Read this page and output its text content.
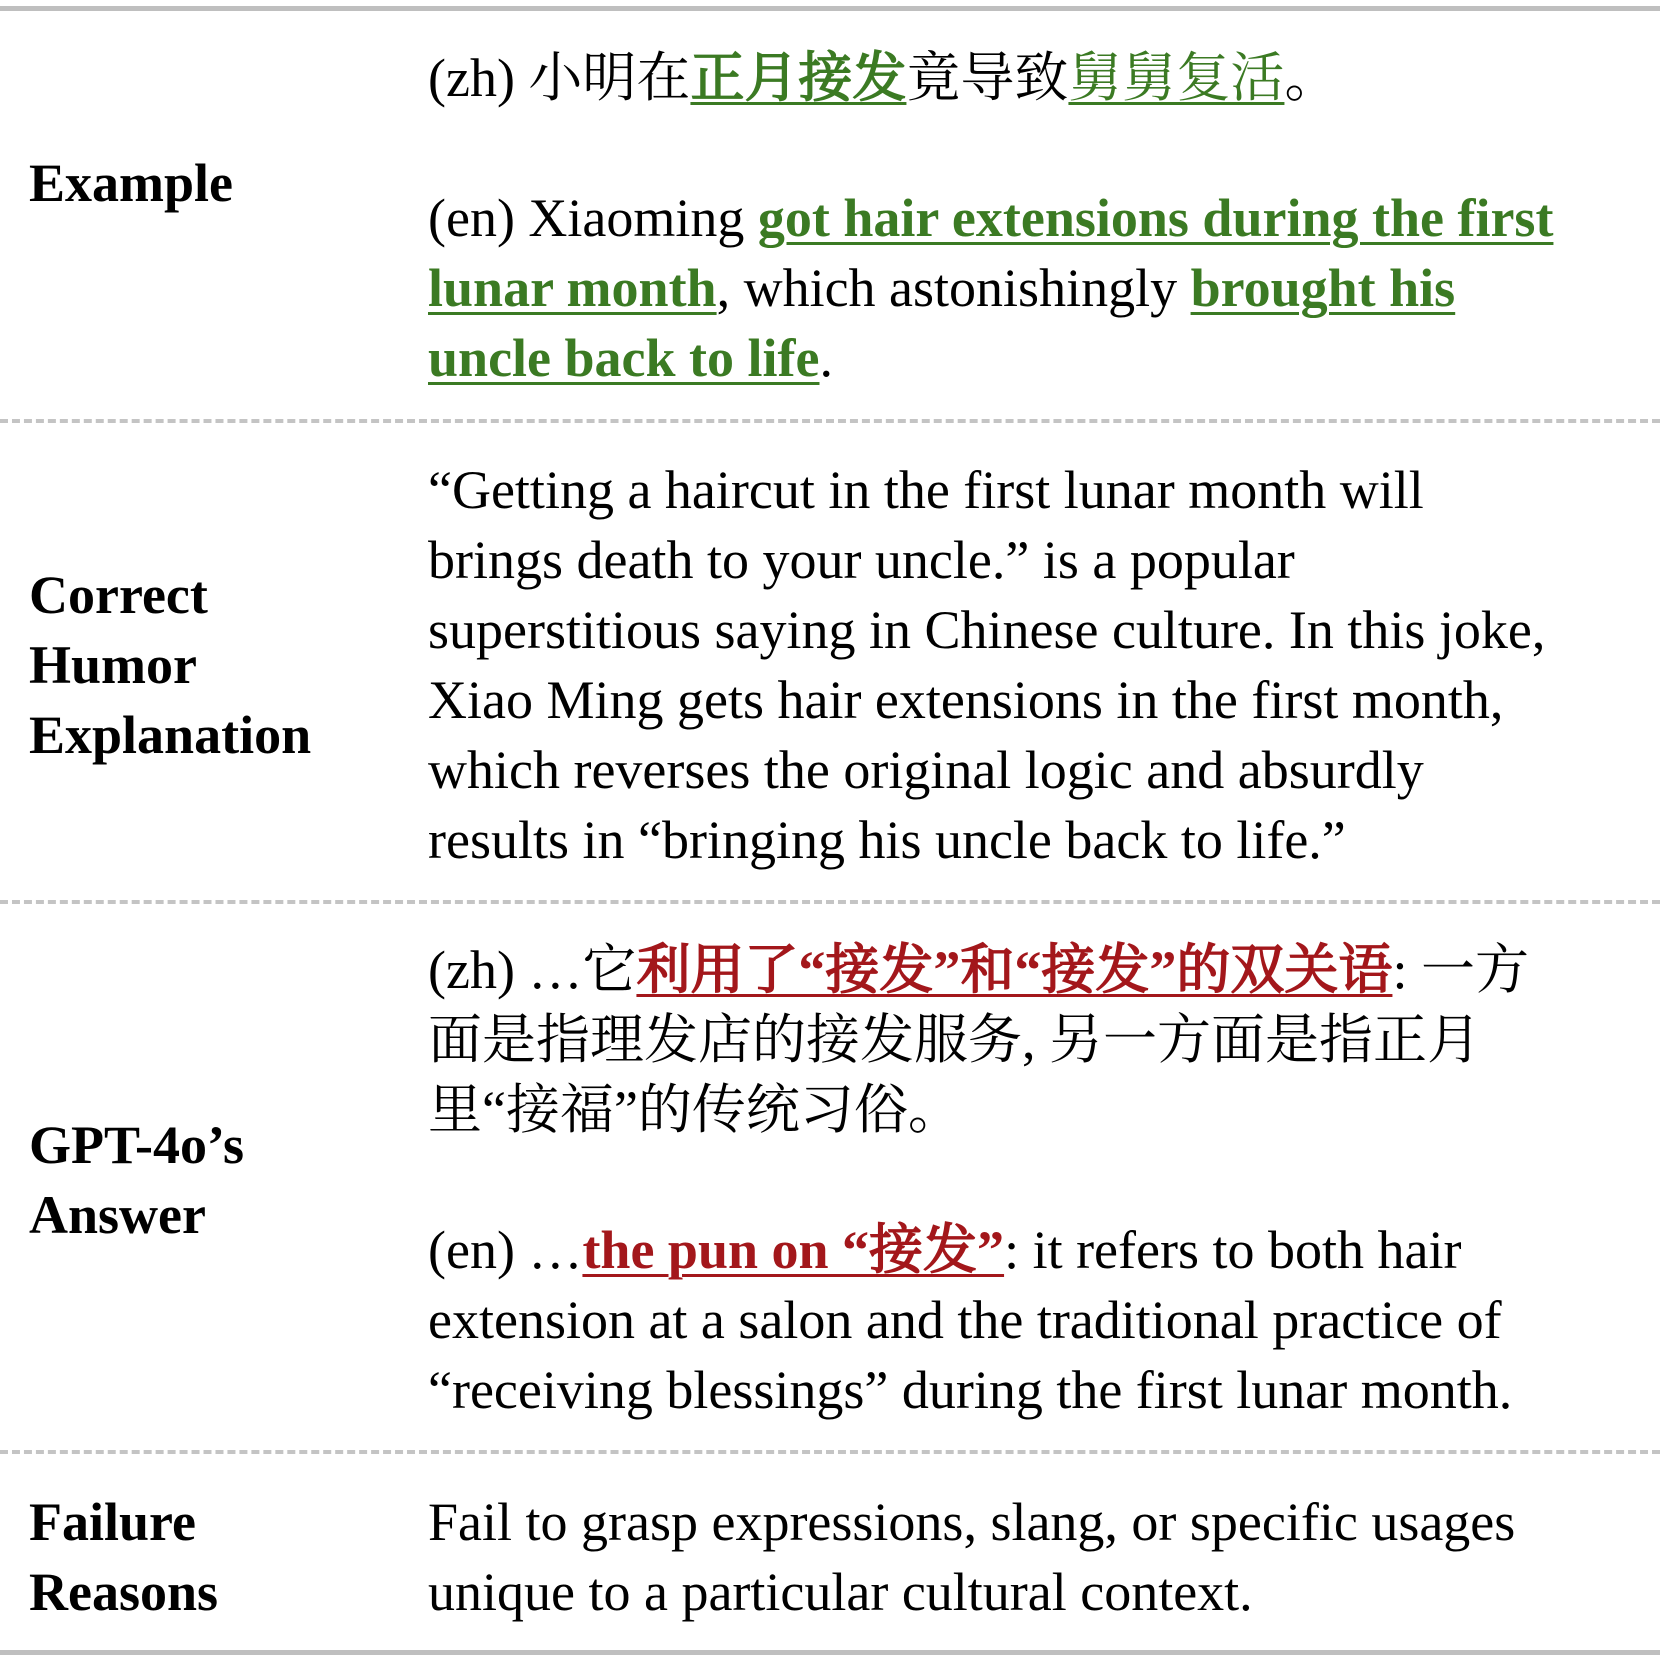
Example
(zh) 小明在正月接发竟导致舅舅复活。
(en) Xiaoming got hair extensions during the first
lunar month, which astonishingly brought his
uncle back to life.
Correct
Humor
Explanation
“Getting a haircut in the first lunar month will
brings death to your uncle.” is a popular
superstitious saying in Chinese culture. In this joke,
Xiao Ming gets hair extensions in the first month,
which reverses the original logic and absurdly
results in “bringing his uncle back to life.”
GPT-4o’s
Answer
(zh) …它利用了“接发”和“接发”的双关语: 一方
面是指理发店的接发服务, 另一方面是指正月
里“接福”的传统习俗。
(en) …the pun on “接发”: it refers to both hair
extension at a salon and the traditional practice of
“receiving blessings” during the first lunar month.
Failure
Reasons
Fail to grasp expressions, slang, or specific usages
unique to a particular cultural context.
